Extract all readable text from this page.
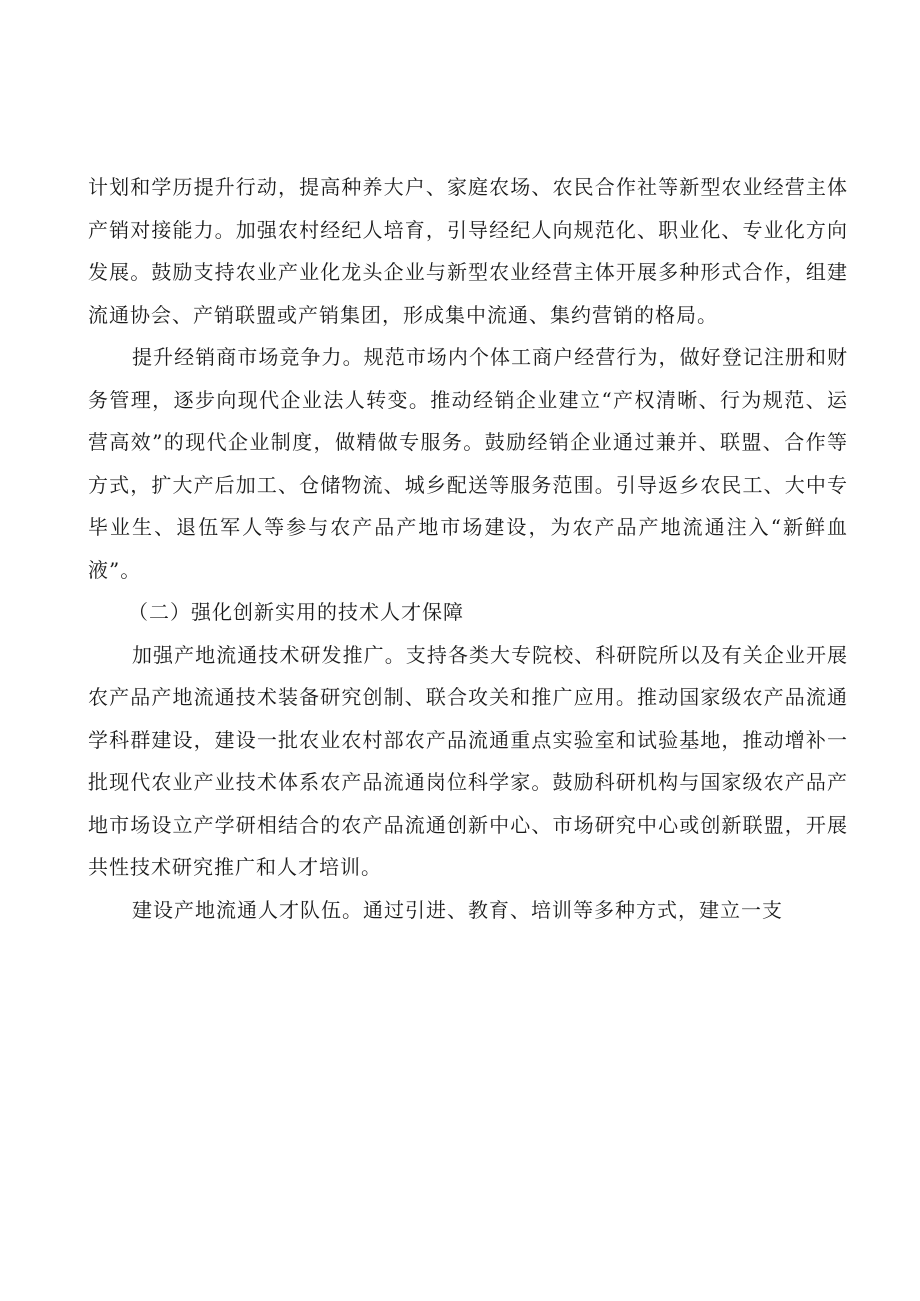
计划和学历提升行动，提高种养大户、家庭农场、农民合作社等新型农业经营主体产销对接能力。加强农村经纪人培育，引导经纪人向规范化、职业化、专业化方向发展。鼓励支持农业产业化龙头企业与新型农业经营主体开展多种形式合作，组建流通协会、产销联盟或产销集团，形成集中流通、集约营销的格局。

提升经销商市场竞争力。规范市场内个体工商户经营行为，做好登记注册和财务管理，逐步向现代企业法人转变。推动经销企业建立“产权清晰、行为规范、运营高效”的现代企业制度，做精做专服务。鼓励经销企业通过兼并、联盟、合作等方式，扩大产后加工、仓储物流、城乡配送等服务范围。引导返乡农民工、大中专毕业生、退伍军人等参与农产品产地市场建设，为农产品产地流通注入“新鲜血液”。

（二）强化创新实用的技术人才保障

加强产地流通技术研发推广。支持各类大专院校、科研院所以及有关企业开展农产品产地流通技术装备研究创制、联合攻关和推广应用。推动国家级农产品流通学科群建设，建设一批农业农村部农产品流通重点实验室和试验基地，推动增补一批现代农业产业技术体系农产品流通岗位科学家。鼓励科研机构与国家级农产品产地市场设立产学研相结合的农产品流通创新中心、市场研究中心或创新联盟，开展共性技术研究推广和人才培训。

建设产地流通人才队伍。通过引进、教育、培训等多种方式，建立一支
